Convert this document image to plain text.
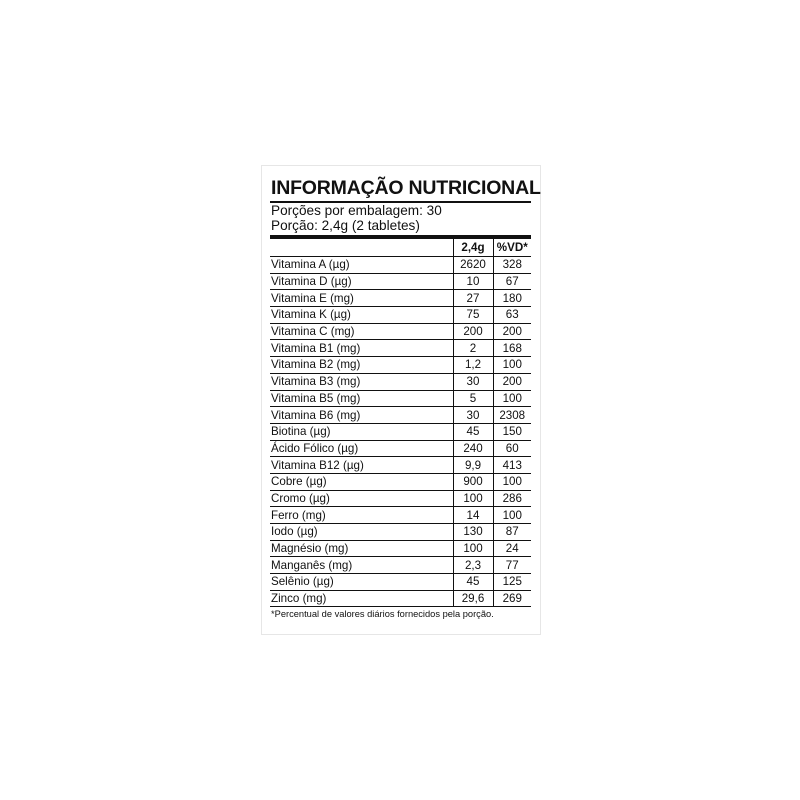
INFORMAÇÃO NUTRICIONAL
Porções por embalagem: 30
Porção: 2,4g (2 tabletes)
	2,4g	%VD*
Vitamina A (µg)	2620	328
Vitamina D (µg)	10	67
Vitamina E (mg)	27	180
Vitamina K (µg)	75	63
Vitamina C (mg)	200	200
Vitamina B1 (mg)	2	168
Vitamina B2 (mg)	1,2	100
Vitamina B3 (mg)	30	200
Vitamina B5 (mg)	5	100
Vitamina B6 (mg)	30	2308
Biotina (µg)	45	150
Ácido Fólico (µg)	240	60
Vitamina B12 (µg)	9,9	413
Cobre (µg)	900	100
Cromo (µg)	100	286
Ferro (mg)	14	100
Iodo (µg)	130	87
Magnésio (mg)	100	24
Manganês (mg)	2,3	77
Selênio (µg)	45	125
Zinco (mg)	29,6	269
*Percentual de valores diários fornecidos pela porção.
